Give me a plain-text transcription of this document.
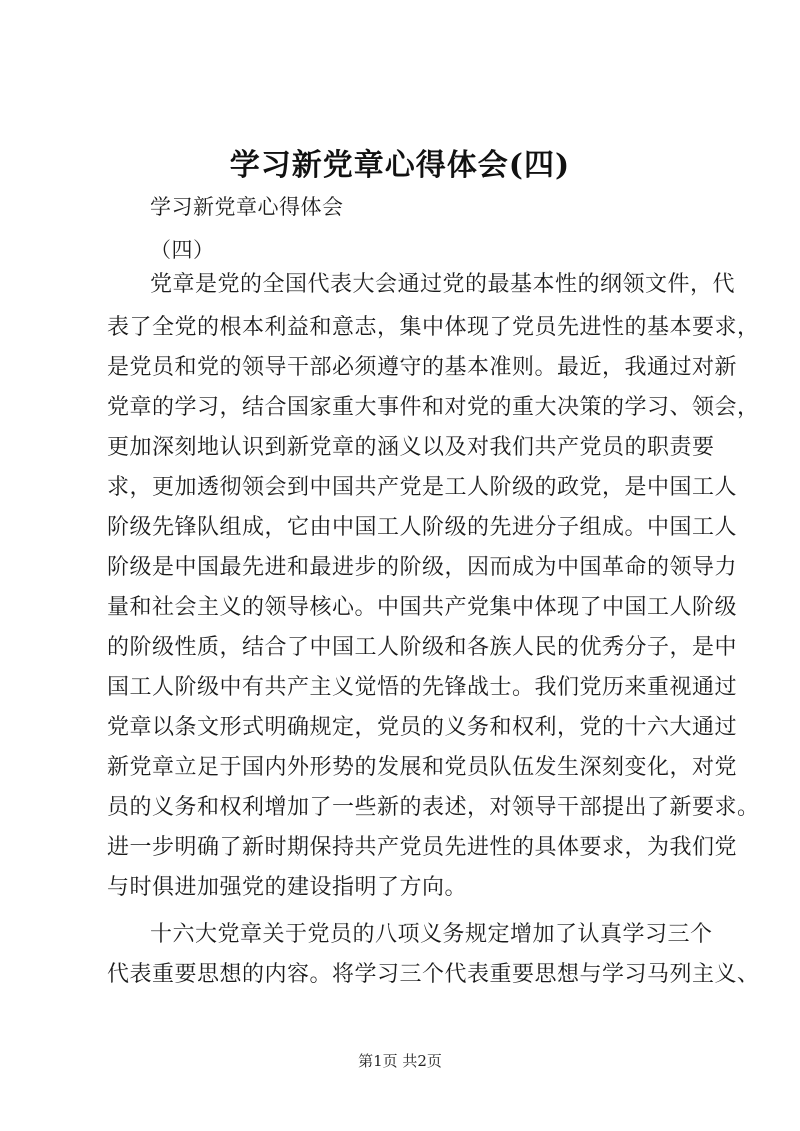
学习新党章心得体会(四)
学习新党章心得体会
（四）
党章是党的全国代表大会通过党的最基本性的纲领文件，代
表了全党的根本利益和意志，集中体现了党员先进性的基本要求，
是党员和党的领导干部必须遵守的基本准则。最近，我通过对新
党章的学习，结合国家重大事件和对党的重大决策的学习、领会，
更加深刻地认识到新党章的涵义以及对我们共产党员的职责要
求，更加透彻领会到中国共产党是工人阶级的政党，是中国工人
阶级先锋队组成，它由中国工人阶级的先进分子组成。中国工人
阶级是中国最先进和最进步的阶级，因而成为中国革命的领导力
量和社会主义的领导核心。中国共产党集中体现了中国工人阶级
的阶级性质，结合了中国工人阶级和各族人民的优秀分子，是中
国工人阶级中有共产主义觉悟的先锋战士。我们党历来重视通过
党章以条文形式明确规定，党员的义务和权利，党的十六大通过
新党章立足于国内外形势的发展和党员队伍发生深刻变化，对党
员的义务和权利增加了一些新的表述，对领导干部提出了新要求。
进一步明确了新时期保持共产党员先进性的具体要求，为我们党
与时俱进加强党的建设指明了方向。
十六大党章关于党员的八项义务规定增加了认真学习三个
代表重要思想的内容。将学习三个代表重要思想与学习马列主义、
第1页 共2页
